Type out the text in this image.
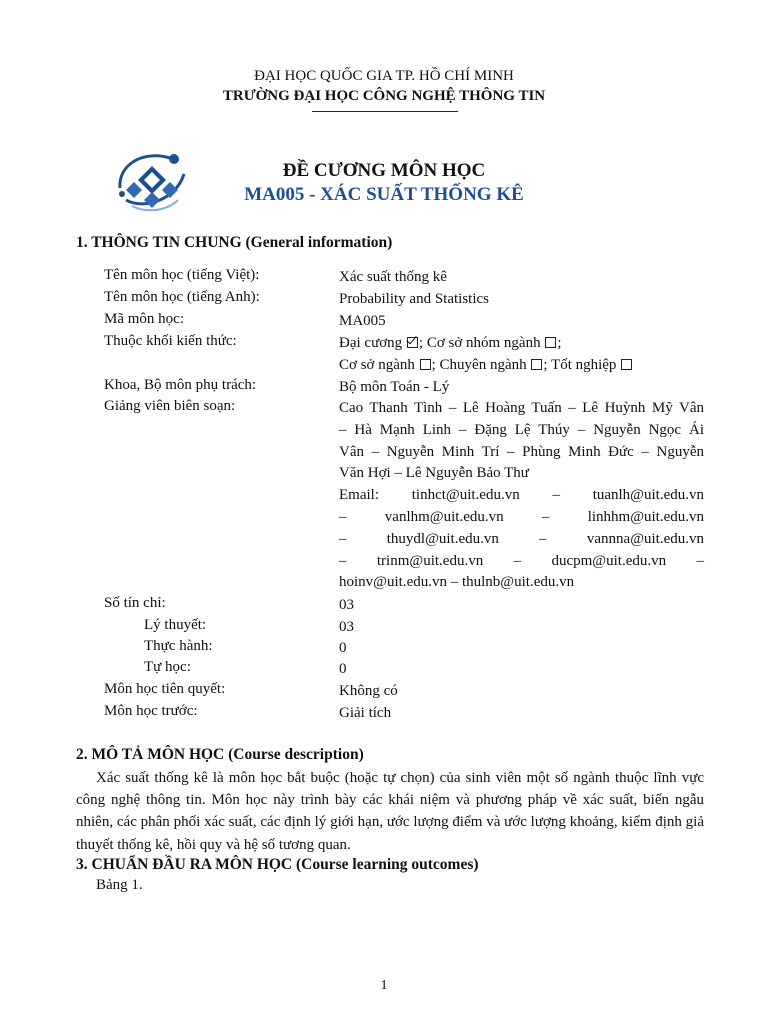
ĐẠI HỌC QUỐC GIA TP. HỒ CHÍ MINH
TRƯỜNG ĐẠI HỌC CÔNG NGHỆ THÔNG TIN
ĐỀ CƯƠNG MÔN HỌC
MA005 - XÁC SUẤT THỐNG KÊ
1. THÔNG TIN CHUNG (General information)
Tên môn học (tiếng Việt):	Xác suất thống kê
Tên môn học (tiếng Anh):	Probability and Statistics
Mã môn học:	MA005
Thuộc khối kiến thức:	Đại cương ; Cơ sở nhóm ngành ;
Cơ sở ngành ; Chuyên ngành ; Tốt nghiệp
Khoa, Bộ môn phụ trách:	Bộ môn Toán - Lý
Giảng viên biên soạn:	Cao Thanh Tình – Lê Hoàng Tuấn – Lê Huỳnh Mỹ Vân
– Hà Mạnh Linh – Đặng Lệ Thúy – Nguyễn Ngọc Ái
Vân – Nguyễn Minh Trí – Phùng Minh Đức – Nguyễn
Văn Hợi – Lê Nguyễn Bảo Thư
Email: tinhct@uit.edu.vn – tuanlh@uit.edu.vn
– vanlhm@uit.edu.vn – linhhm@uit.edu.vn
– thuydl@uit.edu.vn – vannna@uit.edu.vn
– trinm@uit.edu.vn – ducpm@uit.edu.vn –
hoinv@uit.edu.vn – thulnb@uit.edu.vn
Số tín chỉ:	03
Lý thuyết:	03
Thực hành:	0
Tự học:	0
Môn học tiên quyết:	Không có
Môn học trước:	Giải tích
2. MÔ TẢ MÔN HỌC (Course description)
Xác suất thống kê là môn học bắt buộc (hoặc tự chọn) của sinh viên một số ngành thuộc lĩnh vực công nghệ thông tin. Môn học này trình bày các khái niệm và phương pháp về xác suất, biến ngẫu nhiên, các phân phối xác suất, các định lý giới hạn, ước lượng điểm và ước lượng khoảng, kiểm định giả thuyết thống kê, hồi quy và hệ số tương quan.
3. CHUẨN ĐẦU RA MÔN HỌC (Course learning outcomes)
Bảng 1.
1
